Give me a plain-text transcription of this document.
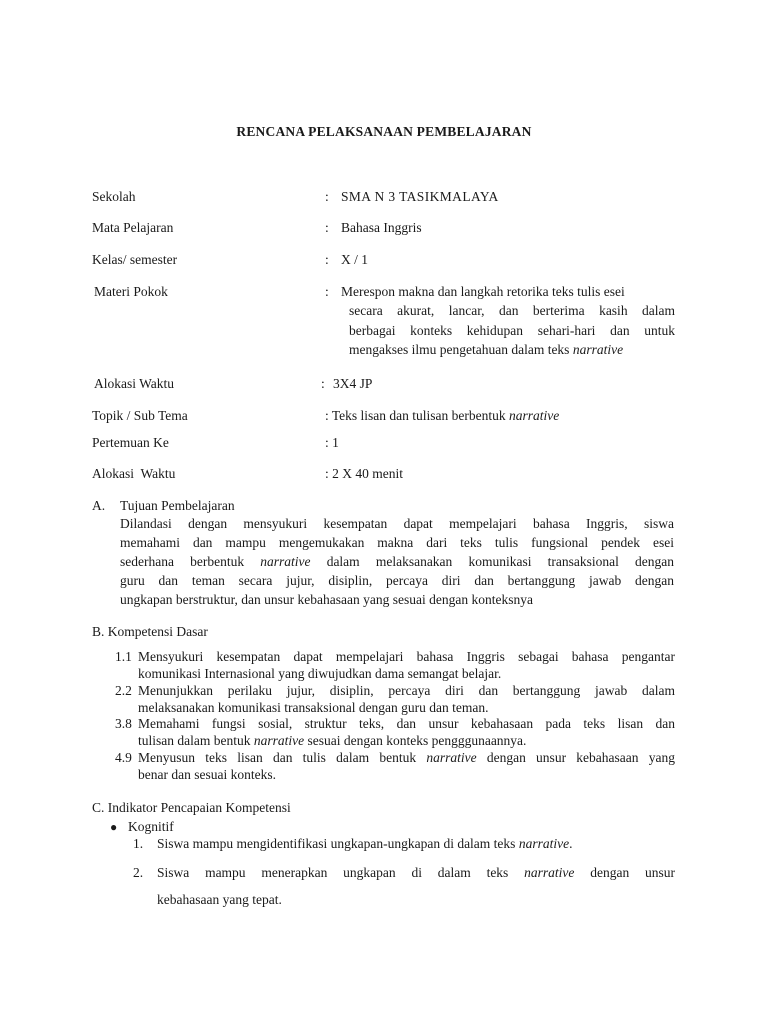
RENCANA PELAKSANAAN PEMBELAJARAN
Sekolah	: SMA N 3 TASIKMALAYA
Mata Pelajaran	: Bahasa Inggris
Kelas/ semester	: X / 1
Materi Pokok	: Merespon makna dan langkah retorika teks tulis esei
secara akurat, lancar, dan berterima kasih dalam
berbagai konteks kehidupan sehari-hari dan untuk
mengakses ilmu pengetahuan dalam teks narrative
Alokasi Waktu	: 3X4 JP
Topik / Sub Tema	: Teks lisan dan tulisan berbentuk narrative
Pertemuan Ke	: 1
Alokasi  Waktu	: 2 X 40 menit
A. Tujuan Pembelajaran
Dilandasi dengan mensyukuri kesempatan dapat mempelajari bahasa Inggris, siswa
memahami dan mampu mengemukakan makna dari teks tulis fungsional pendek esei
sederhana berbentuk narrative dalam melaksanakan komunikasi transaksional dengan
guru dan teman secara jujur, disiplin, percaya diri dan bertanggung jawab dengan
ungkapan berstruktur, dan unsur kebahasaan yang sesuai dengan konteksnya
B. Kompetensi Dasar
1.1 Mensyukuri kesempatan dapat mempelajari bahasa Inggris sebagai bahasa pengantar
komunikasi Internasional yang diwujudkan dama semangat belajar.
2.2 Menunjukkan perilaku jujur, disiplin, percaya diri dan bertanggung jawab dalam
melaksanakan komunikasi transaksional dengan guru dan teman.
3.8 Memahami fungsi sosial, struktur teks, dan unsur kebahasaan pada teks lisan dan
tulisan dalam bentuk narrative sesuai dengan konteks pengggunaannya.
4.9 Menyusun teks lisan dan tulis dalam bentuk narrative dengan unsur kebahasaan yang
benar dan sesuai konteks.
C. Indikator Pencapaian Kompetensi
● Kognitif
1. Siswa mampu mengidentifikasi ungkapan-ungkapan di dalam teks narrative.
2. Siswa mampu menerapkan ungkapan di dalam teks narrative dengan unsur
kebahasaan yang tepat.
